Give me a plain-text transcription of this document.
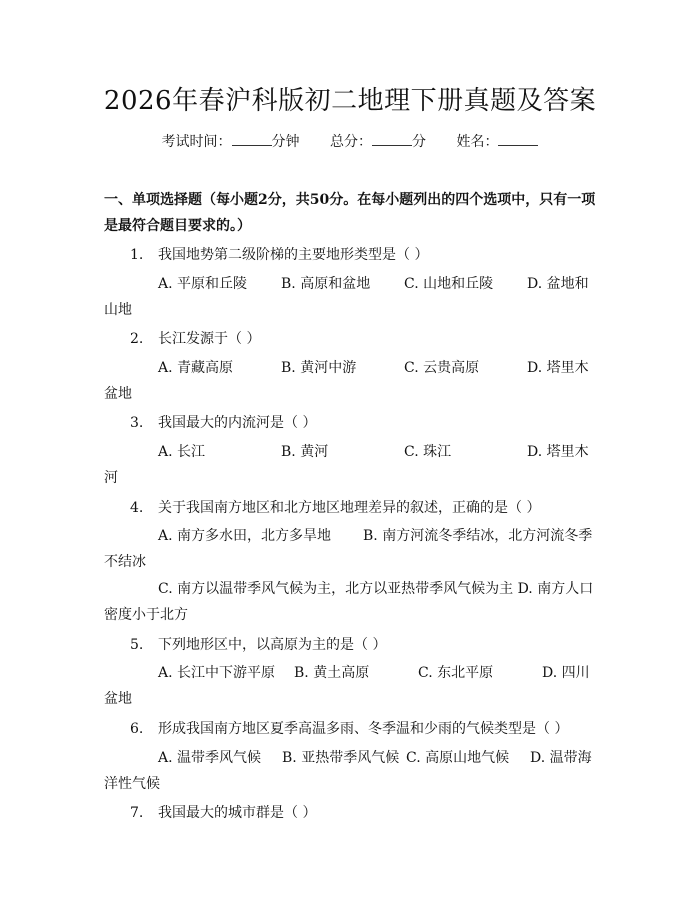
2026年春沪科版初二地理下册真题及答案
考试时间：	分钟 总分：	分 姓名：
一、单项选择题（每小题2分，共50分。在每小题列出的四个选项中，只有一项是最符合题目要求的。）
1. 我国地势第二级阶梯的主要地形类型是（ ）
A. 平原和丘陵 B. 高原和盆地 C. 山地和丘陵 D. 盆地和山地
2. 长江发源于（ ）
A. 青藏高原	B. 黄河中游	C. 云贵高原	D. 塔里木盆地
3. 我国最大的内流河是（ ）
A. 长江	B. 黄河	C. 珠江	D. 塔里木河
4. 关于我国南方地区和北方地区地理差异的叙述，正确的是（ ）
A. 南方多水田，北方多旱地 B. 南方河流冬季结冰，北方河流冬季不结冰
C. 南方以温带季风气候为主，北方以亚热带季风气候为主 D. 南方人口密度小于北方
5. 下列地形区中，以高原为主的是（ ）
A. 长江中下游平原 B. 黄土高原	C. 东北平原	D. 四川盆地
6. 形成我国南方地区夏季高温多雨、冬季温和少雨的气候类型是（ ）
A. 温带季风气候 B. 亚热带季风气候 C. 高原山地气候 D. 温带海洋性气候
7. 我国最大的城市群是（ ）
